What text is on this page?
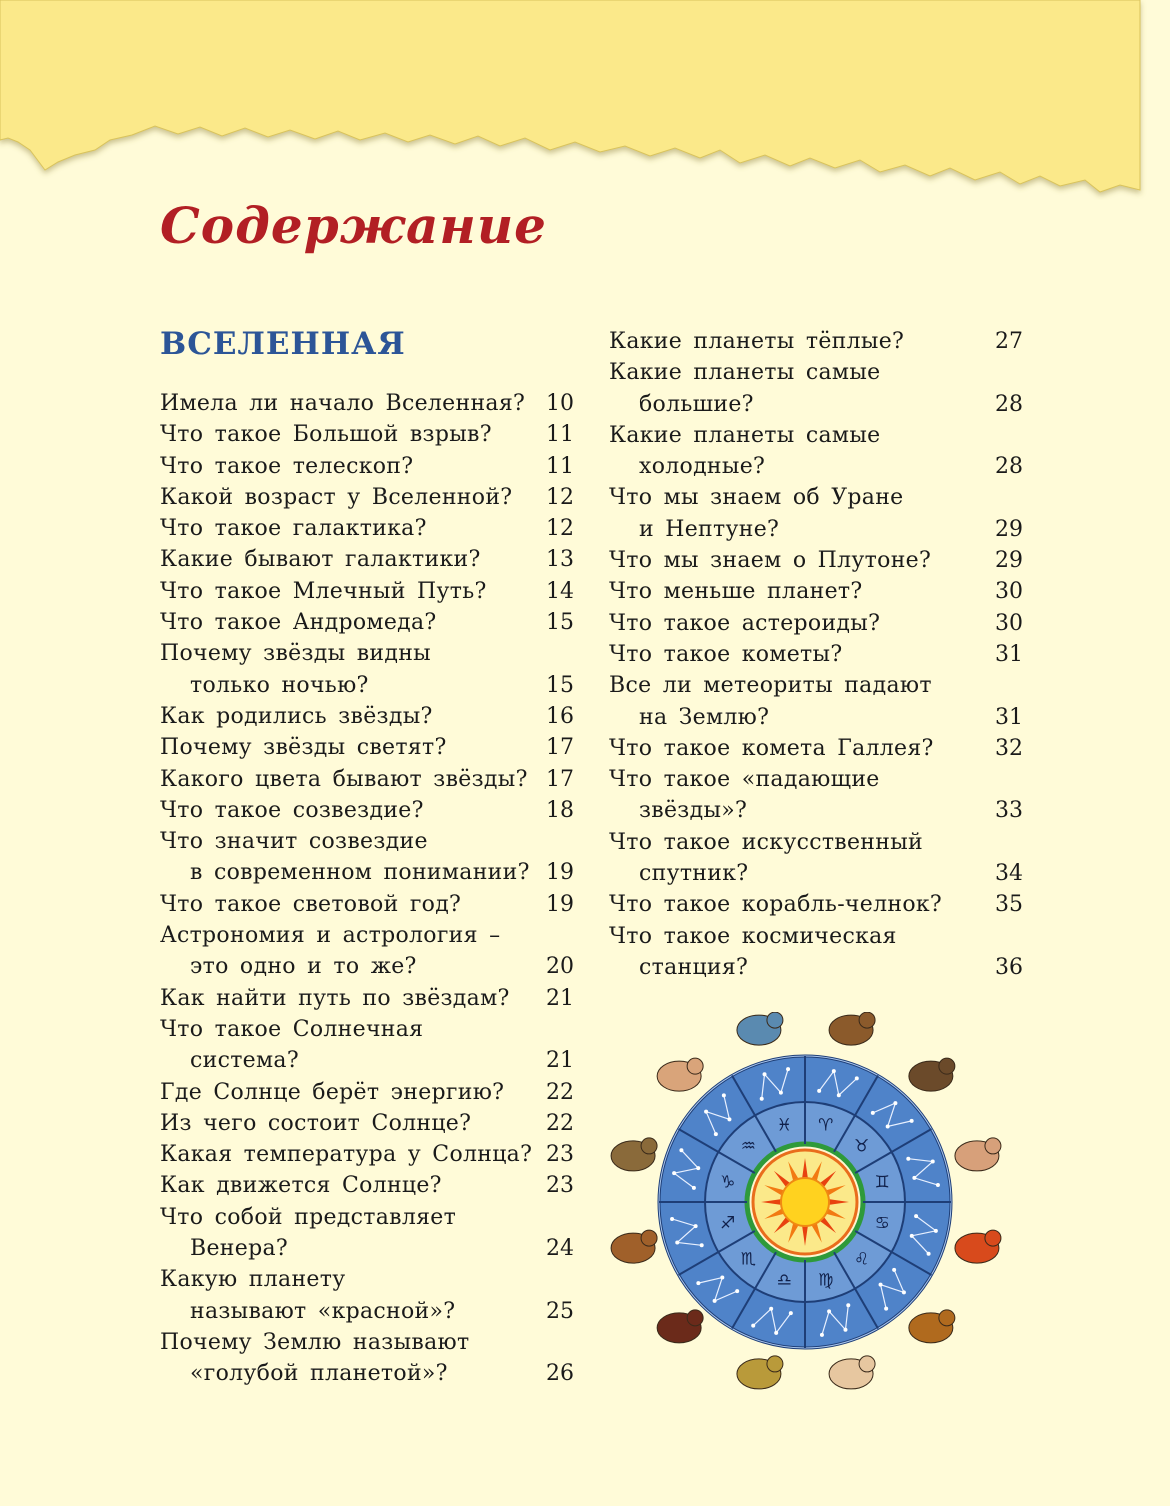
Содержание
ВСЕЛЕННАЯ
Имела ли начало Вселенная? 10
Что такое Большой взрыв?	11
Что такое телескоп?	11
Какой возраст у Вселенной?	12
Что такое галактика?	12
Какие бывают галактики?	13
Что такое Млечный Путь?	14
Что такое Андромеда?	15
Почему звёзды видны
только ночью?	15
Как родились звёзды?	16
Почему звёзды светят?	17
Какого цвета бывают звёзды? 17
Что такое созвездие?	18
Что значит созвездие
в современном понимании? 19
Что такое световой год?	19
Астрономия и астрология –
это одно и то же?	20
Как найти путь по звёздам?	21
Что такое Солнечная
система?	21
Где Солнце берёт энергию?	22
Из чего состоит Солнце?	22
Какая температура у Солнца? 23
Как движется Солнце?	23
Что собой представляет
Венера?	24
Какую планету
называют «красной»?	25
Почему Землю называют
«голубой планетой»?	26
Какие планеты тёплые?	27
Какие планеты самые
большие?	28
Какие планеты самые
холодные?	28
Что мы знаем об Уране
и Нептуне?	29
Что мы знаем о Плутоне?	29
Что меньше планет?	30
Что такое астероиды?	30
Что такое кометы?	31
Все ли метеориты падают
на Землю?	31
Что такое комета Галлея?	32
Что такое «падающие
звёзды»?	33
Что такое искусственный
спутник?	34
Что такое корабль-челнок?	35
Что такое космическая
станция?	36
♈
♉
♊
♋
♌
♍
♎
♏
♐
♑
♒
♓
